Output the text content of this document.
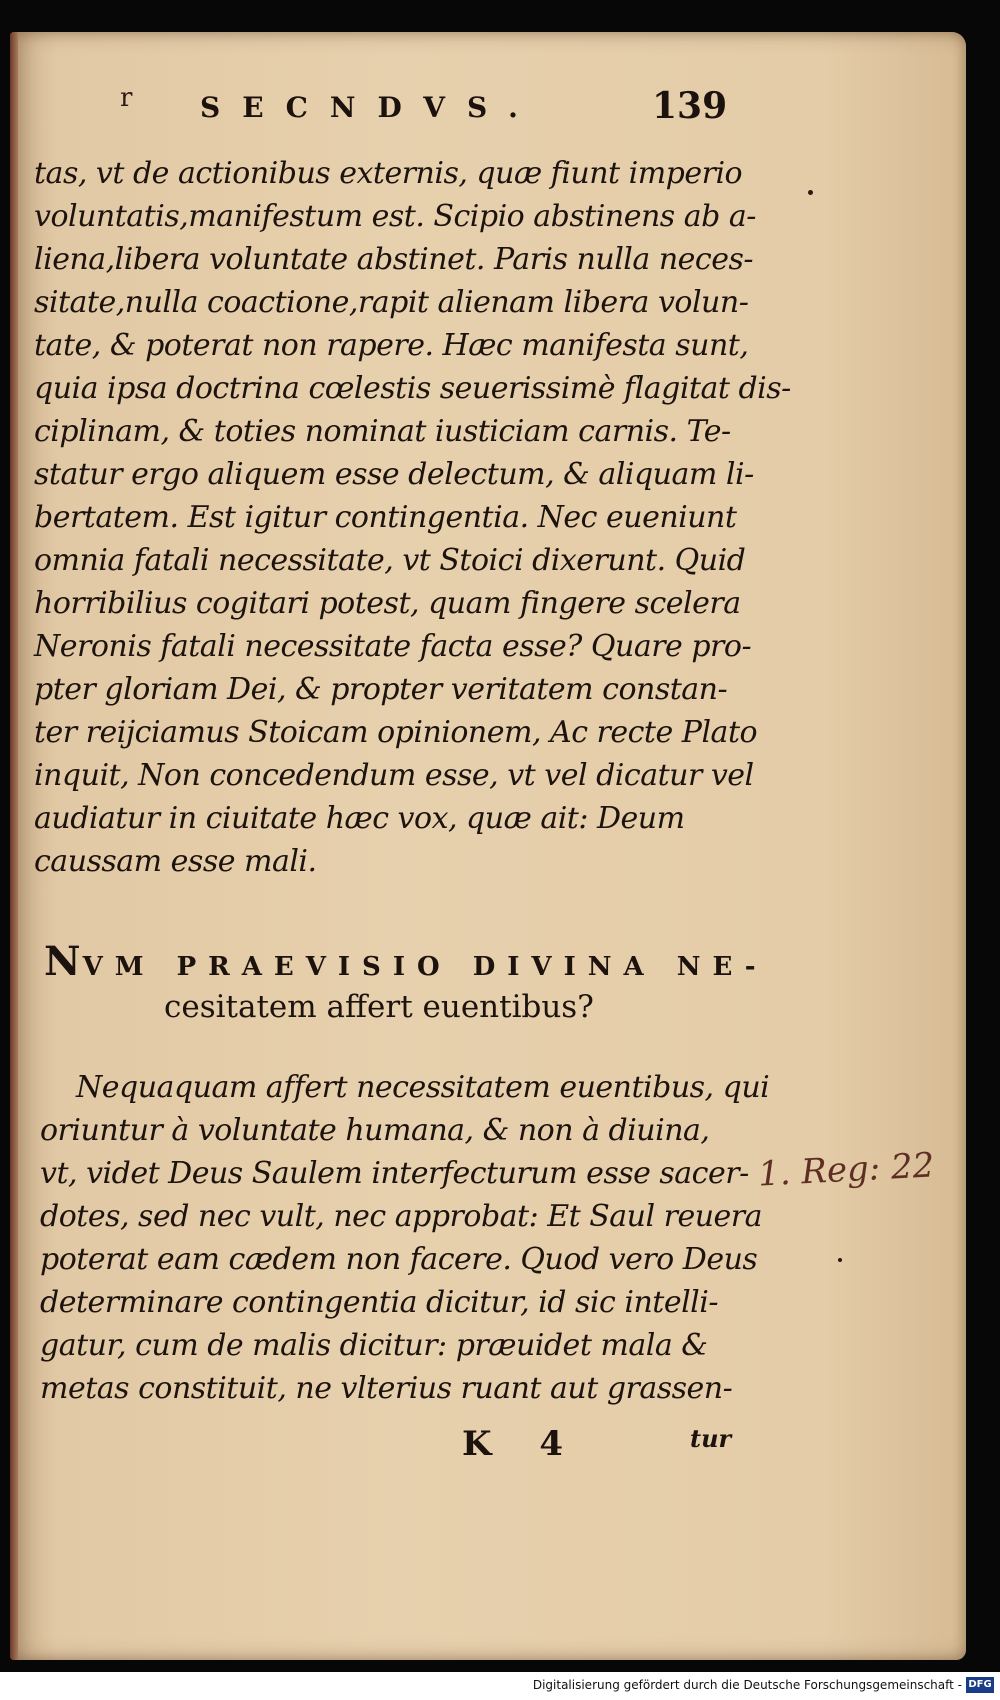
r SECNDVS.	139

tas, vt de actionibus externis, quæ fiunt imperio
voluntatis,manifestum est. Scipio abstinens ab a-
liena,libera voluntate abstinet. Paris nulla neces-
sitate,nulla coactione,rapit alienam libera volun-
tate, & poterat non rapere. Hæc manifesta sunt,
quia ipsa doctrina cœlestis seuerissimè flagitat dis-
ciplinam, & toties nominat iusticiam carnis. Te-
statur ergo aliquem esse delectum, & aliquam li-
bertatem. Est igitur contingentia. Nec eueniunt
omnia fatali necessitate, vt Stoici dixerunt. Quid
horribilius cogitari potest, quam fingere scelera
Neronis fatali necessitate facta esse? Quare pro-
pter gloriam Dei, & propter veritatem constan-
ter reijciamus Stoicam opinionem, Ac recte Plato
inquit, Non concedendum esse, vt vel dicatur vel
audiatur in ciuitate hæc vox, quæ ait: Deum
caussam esse mali.

NVM PRAEVISIO DIVINA NE-
cesitatem affert euentibus?

Nequaquam affert necessitatem euentibus, qui
oriuntur à voluntate humana, & non à diuina,
vt, videt Deus Saulem interfecturum esse sacer-
dotes, sed nec vult, nec approbat: Et Saul reuera
poterat eam cædem non facere. Quod vero Deus
determinare contingentia dicitur, id sic intelli-
gatur, cum de malis dicitur: præuidet mala &
metas constituit, ne vlterius ruant aut grassen-

1. Reg: 22
K 4	tur
Digitalisierung gefördert durch die Deutsche Forschungsgemeinschaft - DFG
